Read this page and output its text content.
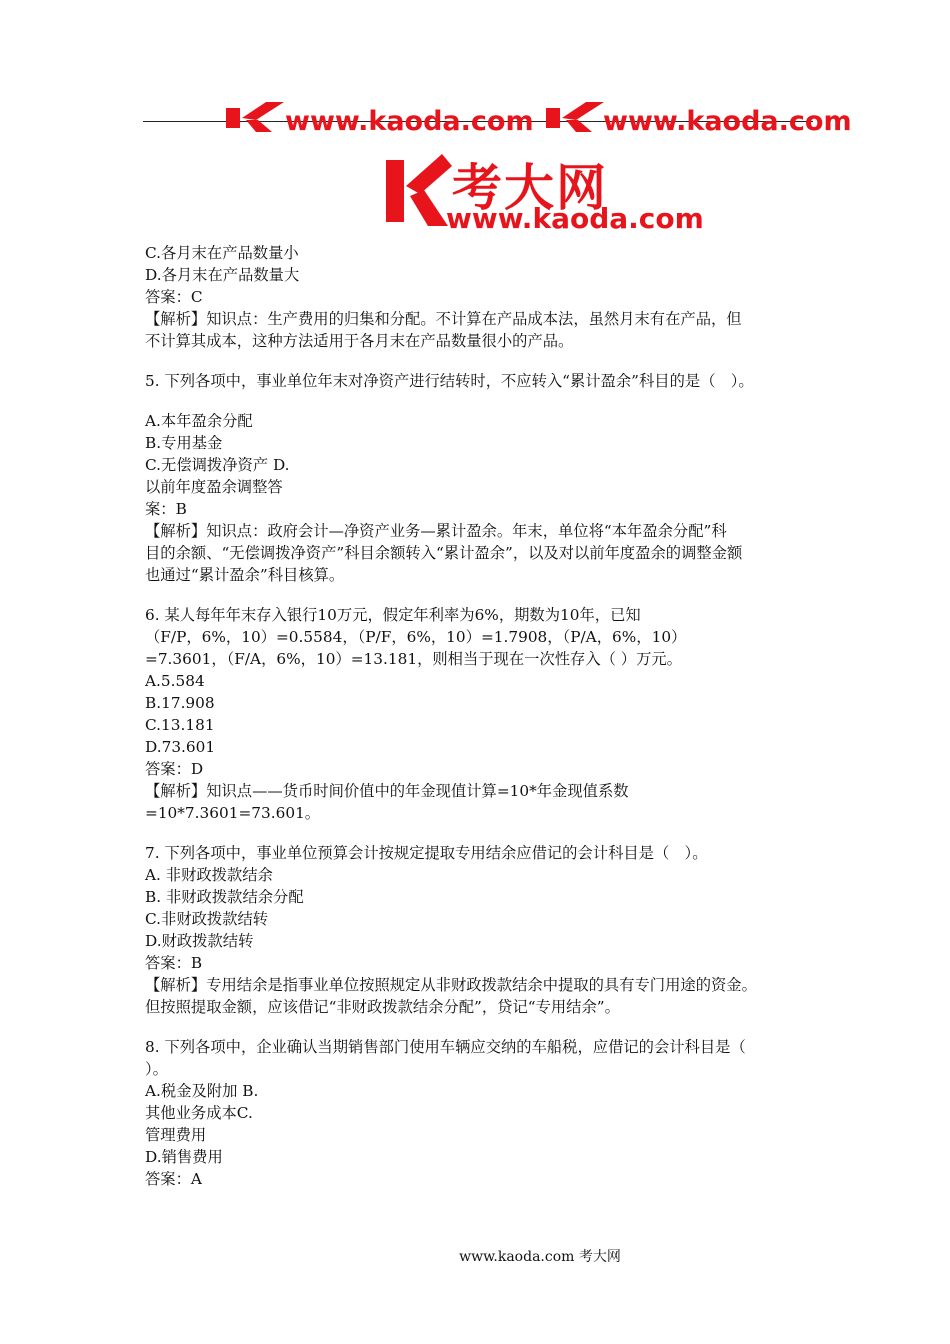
www.kaoda.com	www.kaoda.com
考大网
www.kaoda.com
C.各月末在产品数量小
D.各月末在产品数量大
答案：C
【解析】知识点：生产费用的归集和分配。不计算在产品成本法，虽然月末有在产品，但
不计算其成本，这种方法适用于各月末在产品数量很小的产品。
5. 下列各项中，事业单位年末对净资产进行结转时，不应转入“累计盈余”科目的是（　）。
A.本年盈余分配
B.专用基金
C.无偿调拨净资产 D.
以前年度盈余调整答
案：B
【解析】知识点：政府会计—净资产业务—累计盈余。年末，单位将“本年盈余分配”科
目的余额、“无偿调拨净资产”科目余额转入“累计盈余”，以及对以前年度盈余的调整金额
也通过“累计盈余”科目核算。
6. 某人每年年末存入银行10万元，假定年利率为6%，期数为10年，已知
（F/P，6%，10）=0.5584，（P/F，6%，10）=1.7908，（P/A，6%，10）
=7.3601，（F/A，6%，10）=13.181，则相当于现在一次性存入（ ）万元。
A.5.584
B.17.908
C.13.181
D.73.601
答案：D
【解析】知识点——货币时间价值中的年金现值计算=10*年金现值系数
=10*7.3601=73.601。
7. 下列各项中，事业单位预算会计按规定提取专用结余应借记的会计科目是（　）。
A. 非财政拨款结余
B. 非财政拨款结余分配
C.非财政拨款结转
D.财政拨款结转
答案：B
【解析】专用结余是指事业单位按照规定从非财政拨款结余中提取的具有专门用途的资金。
但按照提取金额，应该借记“非财政拨款结余分配”，贷记“专用结余”。
8. 下列各项中，企业确认当期销售部门使用车辆应交纳的车船税，应借记的会计科目是（
）。
A.税金及附加 B.
其他业务成本C.
管理费用
D.销售费用
答案：A
www.kaoda.com 考大网
